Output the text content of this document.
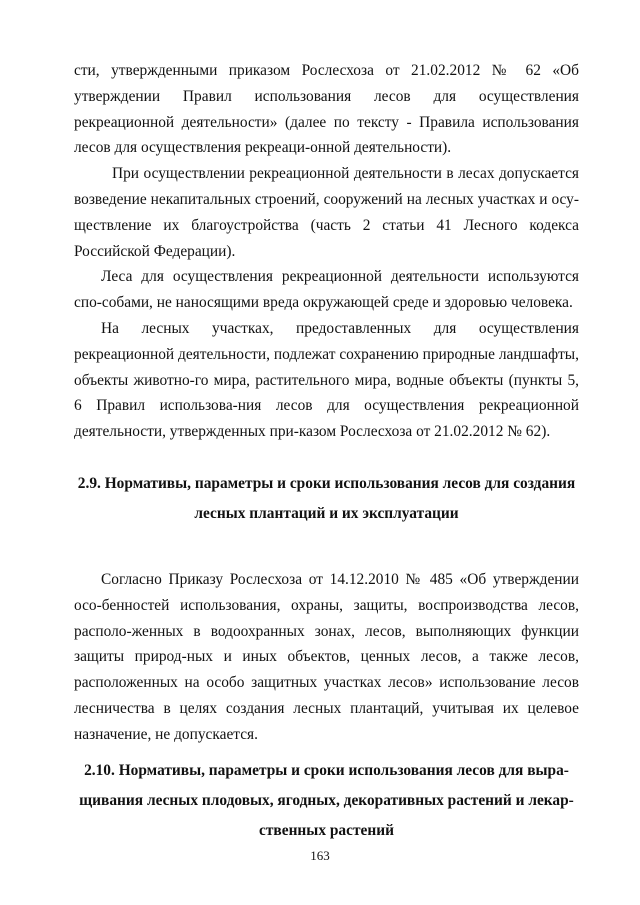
сти, утвержденными приказом Рослесхоза от 21.02.2012 № 62 «Об утверждении Правил использования лесов для осуществления рекреационной деятельности» (далее по тексту - Правила использования лесов для осуществления рекреаци-онной деятельности).

При осуществлении рекреационной деятельности в лесах допускается возведение некапитальных строений, сооружений на лесных участках и осу-ществление их благоустройства (часть 2 статьи 41 Лесного кодекса Российской Федерации).

Леса для осуществления рекреационной деятельности используются спо-собами, не наносящими вреда окружающей среде и здоровью человека.

На лесных участках, предоставленных для осуществления рекреационной деятельности, подлежат сохранению природные ландшафты, объекты животно-го мира, растительного мира, водные объекты (пункты 5, 6 Правил использова-ния лесов для осуществления рекреационной деятельности, утвержденных при-казом Рослесхоза от 21.02.2012 № 62).

2.9. Нормативы, параметры и сроки использования лесов для создания лесных плантаций и их эксплуатации

Согласно Приказу Рослесхоза от 14.12.2010 № 485 «Об утверждении осо-бенностей использования, охраны, защиты, воспроизводства лесов, располо-женных в водоохранных зонах, лесов, выполняющих функции защиты природ-ных и иных объектов, ценных лесов, а также лесов, расположенных на особо защитных участках лесов» использование лесов лесничества в целях создания лесных плантаций, учитывая их целевое назначение, не допускается.

2.10. Нормативы, параметры и сроки использования лесов для выра-щивания лесных плодовых, ягодных, декоративных растений и лекар-ственных растений
163
